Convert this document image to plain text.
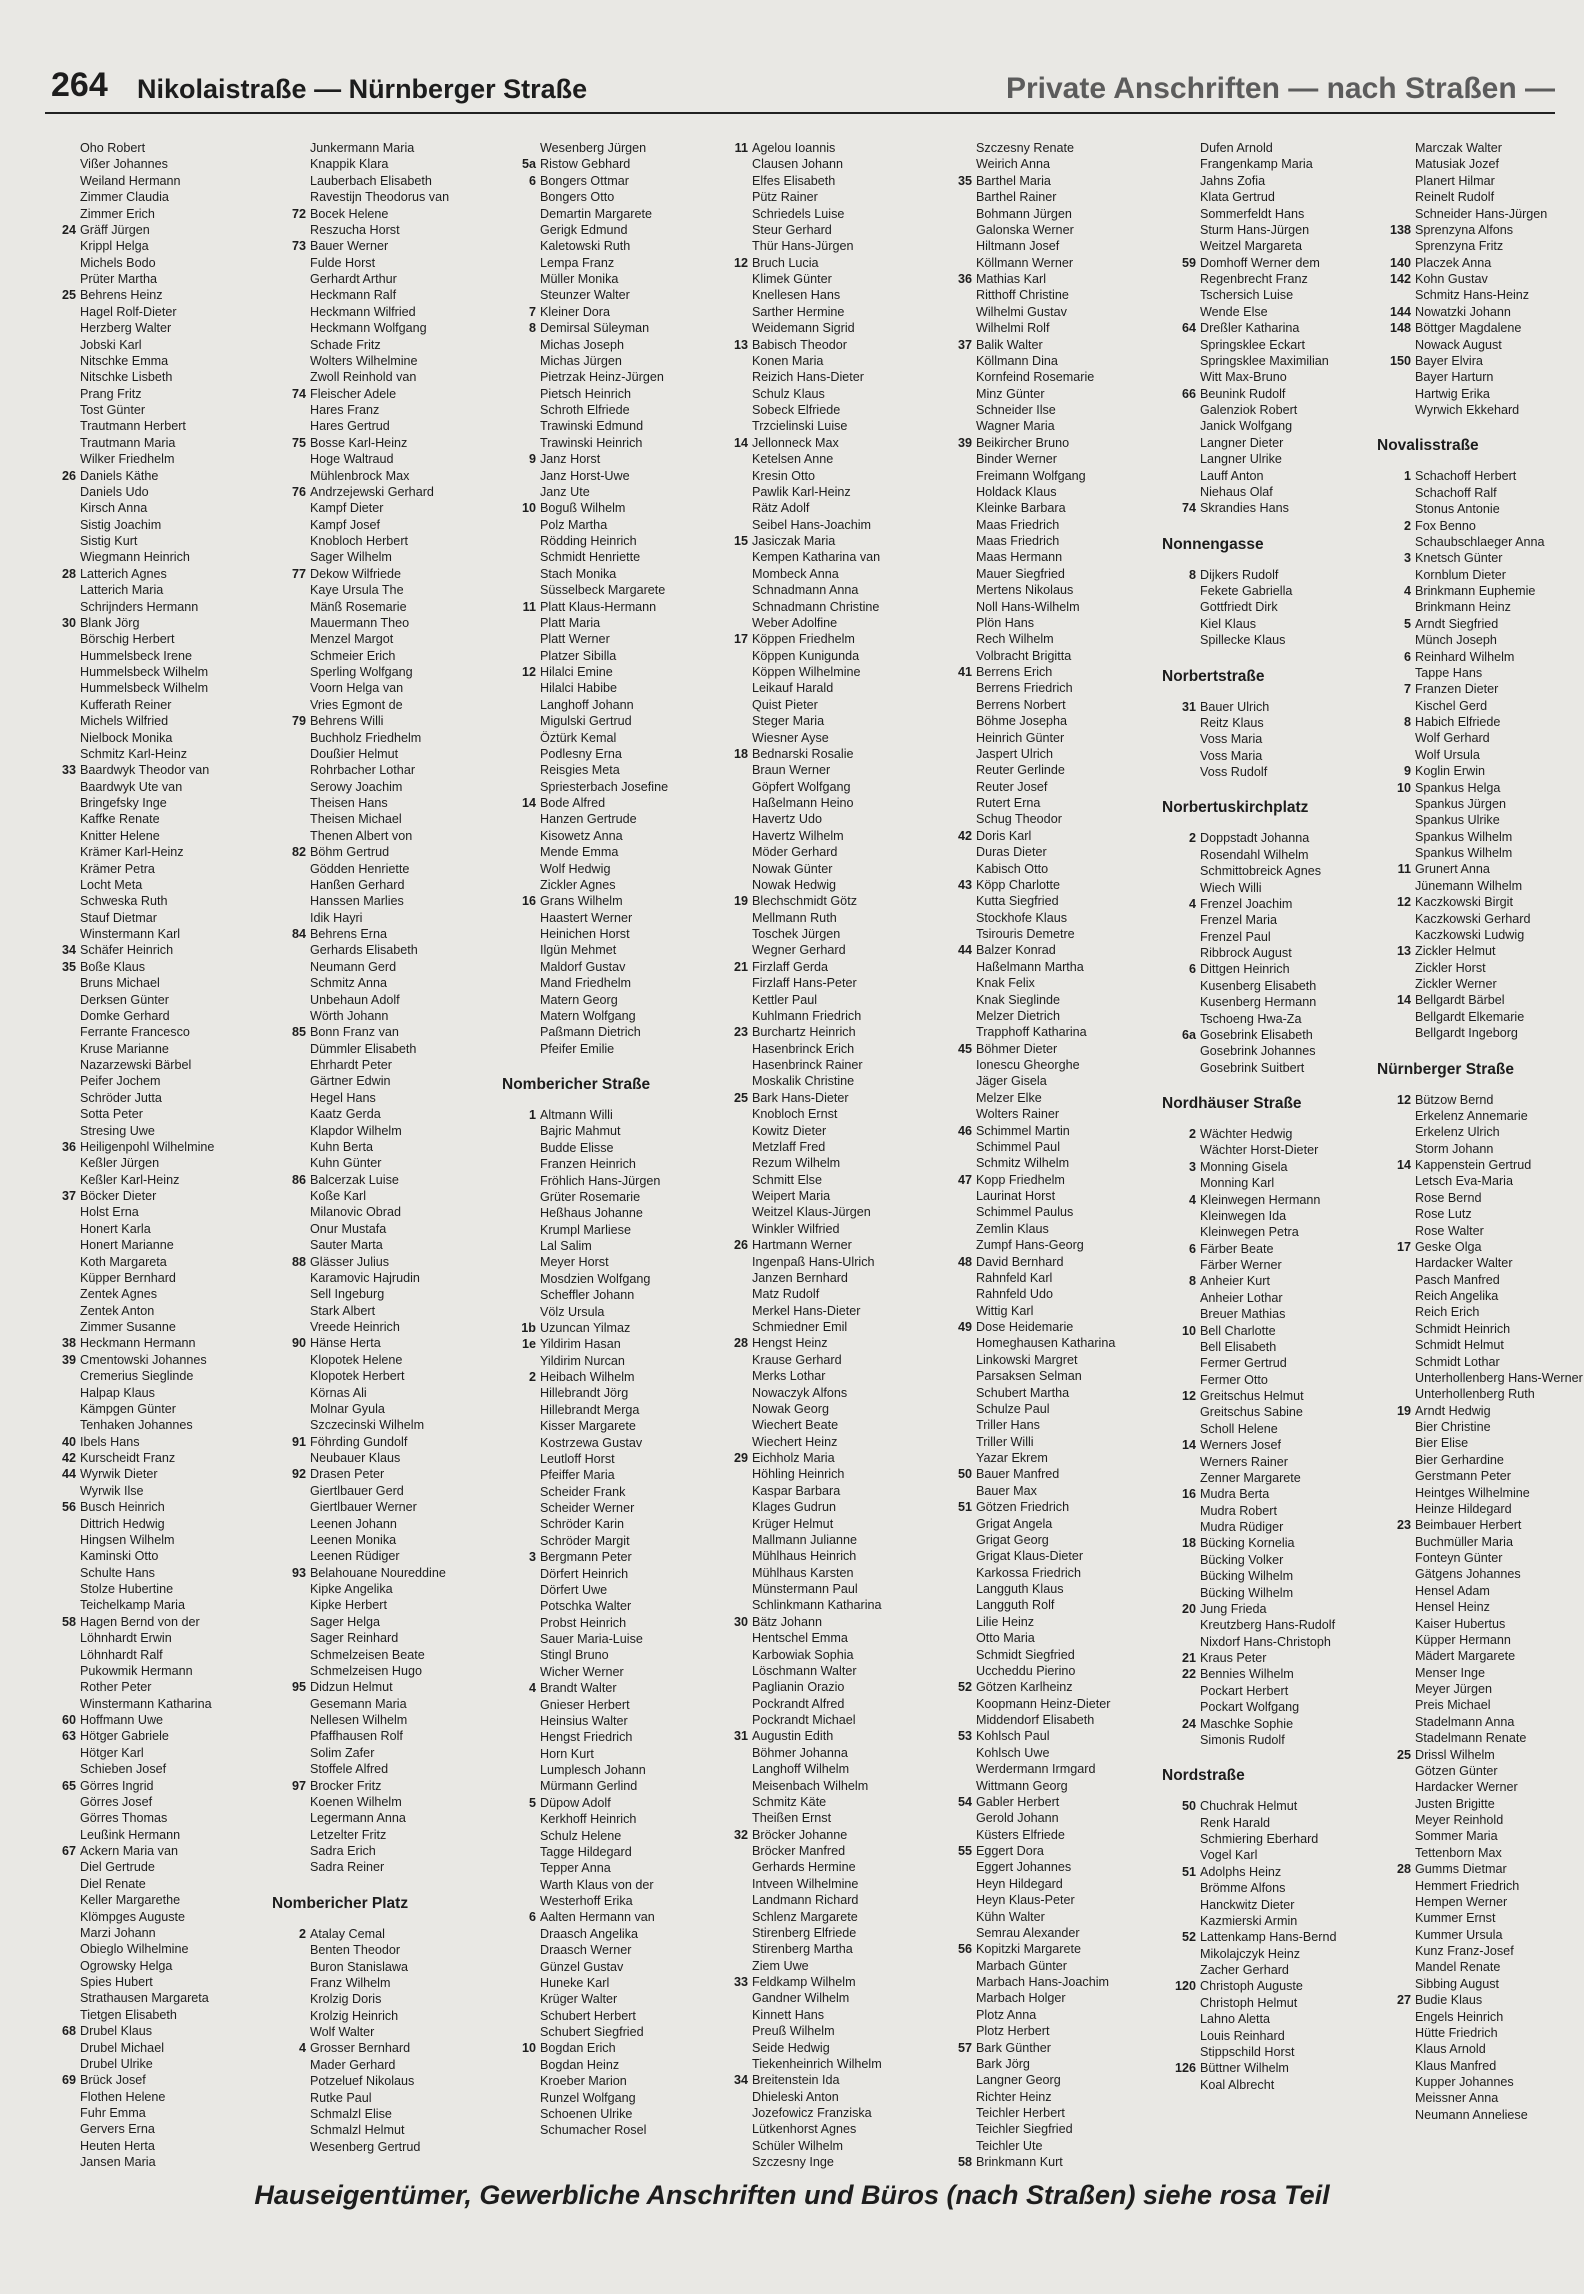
264 Nikolaistraße — Nürnberger Straße	Private Anschriften — nach Straßen —
Oho Robert
Vißer Johannes
Weiland Hermann
Zimmer Claudia
Zimmer Erich
24 Gräff Jürgen
Krippl Helga
Michels Bodo
Prüter Martha
25 Behrens Heinz
Hagel Rolf-Dieter
Herzberg Walter
Jobski Karl
Nitschke Emma
Nitschke Lisbeth
Prang Fritz
Tost Günter
Trautmann Herbert
Trautmann Maria
Wilker Friedhelm
26 Daniels Käthe
Daniels Udo
Kirsch Anna
Sistig Joachim
Sistig Kurt
Wiegmann Heinrich
28 Latterich Agnes
Latterich Maria
Schrijnders Hermann
30 Blank Jörg
Börschig Herbert
Hummelsbeck Irene
Hummelsbeck Wilhelm
Hummelsbeck Wilhelm
Kufferath Reiner
Michels Wilfried
Nielbock Monika
Schmitz Karl-Heinz
33 Baardwyk Theodor van
Baardwyk Ute van
Bringefsky Inge
Kaffke Renate
Knitter Helene
Krämer Karl-Heinz
Krämer Petra
Locht Meta
Schweska Ruth
Stauf Dietmar
Winstermann Karl
34 Schäfer Heinrich
35 Boße Klaus
Bruns Michael
Derksen Günter
Domke Gerhard
Ferrante Francesco
Kruse Marianne
Nazarzewski Bärbel
Peifer Jochem
Schröder Jutta
Sotta Peter
Stresing Uwe
36 Heiligenpohl Wilhelmine
Keßler Jürgen
Keßler Karl-Heinz
37 Böcker Dieter
Holst Erna
Honert Karla
Honert Marianne
Koth Margareta
Küpper Bernhard
Zentek Agnes
Zentek Anton
Zimmer Susanne
38 Heckmann Hermann
39 Cmentowski Johannes
Cremerius Sieglinde
Halpap Klaus
Kämpgen Günter
Tenhaken Johannes
40 Ibels Hans
42 Kurscheidt Franz
44 Wyrwik Dieter
Wyrwik Ilse
56 Busch Heinrich
Dittrich Hedwig
Hingsen Wilhelm
Kaminski Otto
Schulte Hans
Stolze Hubertine
Teichelkamp Maria
58 Hagen Bernd von der
Löhnhardt Erwin
Löhnhardt Ralf
Pukowmik Hermann
Rother Peter
Winstermann Katharina
60 Hoffmann Uwe
63 Hötger Gabriele
Hötger Karl
Schieben Josef
65 Görres Ingrid
Görres Josef
Görres Thomas
Leußink Hermann
67 Ackern Maria van
Diel Gertrude
Diel Renate
Keller Margarethe
Klömpges Auguste
Marzi Johann
Obieglo Wilhelmine
Ogrowsky Helga
Spies Hubert
Strathausen Margareta
Tietgen Elisabeth
68 Drubel Klaus
Drubel Michael
Drubel Ulrike
69 Brück Josef
Flothen Helene
Fuhr Emma
Gervers Erna
Heuten Herta
Jansen Maria
Junkermann Maria
Knappik Klara
Lauberbach Elisabeth
Ravestijn Theodorus van
72 Bocek Helene
Reszucha Horst
73 Bauer Werner
Fulde Horst
Gerhardt Arthur
Heckmann Ralf
Heckmann Wilfried
Heckmann Wolfgang
Schade Fritz
Wolters Wilhelmine
Zwoll Reinhold van
74 Fleischer Adele
Hares Franz
Hares Gertrud
75 Bosse Karl-Heinz
Hoge Waltraud
Mühlenbrock Max
76 Andrzejewski Gerhard
Kampf Dieter
Kampf Josef
Knobloch Herbert
Sager Wilhelm
77 Dekow Wilfriede
Kaye Ursula The
Mänß Rosemarie
Mauermann Theo
Menzel Margot
Schmeier Erich
Sperling Wolfgang
Voorn Helga van
Vries Egmont de
79 Behrens Willi
Buchholz Friedhelm
Doußier Helmut
Rohrbacher Lothar
Serowy Joachim
Theisen Hans
Theisen Michael
Thenen Albert von
82 Böhm Gertrud
Gödden Henriette
Hanßen Gerhard
Hanssen Marlies
Idik Hayri
84 Behrens Erna
Gerhards Elisabeth
Neumann Gerd
Schmitz Anna
Unbehaun Adolf
Wörth Johann
85 Bonn Franz van
Dümmler Elisabeth
Ehrhardt Peter
Gärtner Edwin
Hegel Hans
Kaatz Gerda
Klapdor Wilhelm
Kuhn Berta
Kuhn Günter
86 Balcerzak Luise
Koße Karl
Milanovic Obrad
Onur Mustafa
Sauter Marta
88 Glässer Julius
Karamovic Hajrudin
Sell Ingeburg
Stark Albert
Vreede Heinrich
90 Hänse Herta
Klopotek Helene
Klopotek Herbert
Körnas Ali
Molnar Gyula
Szczecinski Wilhelm
91 Föhrding Gundolf
Neubauer Klaus
92 Drasen Peter
Giertlbauer Gerd
Giertlbauer Werner
Leenen Johann
Leenen Monika
Leenen Rüdiger
93 Belahouane Noureddine
Kipke Angelika
Kipke Herbert
Sager Helga
Sager Reinhard
Schmelzeisen Beate
Schmelzeisen Hugo
95 Didzun Helmut
Gesemann Maria
Nellesen Wilhelm
Pfaffhausen Rolf
Solim Zafer
Stoffele Alfred
97 Brocker Fritz
Koenen Wilhelm
Legermann Anna
Letzelter Fritz
Sadra Erich
Sadra Reiner
Nombericher Platz
2 Atalay Cemal
Benten Theodor
Buron Stanislawa
Franz Wilhelm
Krolzig Doris
Krolzig Heinrich
Wolf Walter
4 Grosser Bernhard
Mader Gerhard
Potzeluef Nikolaus
Rutke Paul
Schmalzl Elise
Schmalzl Helmut
Wesenberg Gertrud
Wesenberg Jürgen
5a Ristow Gebhard
6 Bongers Ottmar
Bongers Otto
Demartin Margarete
Gerigk Edmund
Kaletowski Ruth
Lempa Franz
Müller Monika
Steunzer Walter
7 Kleiner Dora
8 Demirsal Süleyman
Michas Joseph
Michas Jürgen
Pietrzak Heinz-Jürgen
Pietsch Heinrich
Schroth Elfriede
Trawinski Edmund
Trawinski Heinrich
9 Janz Horst
Janz Horst-Uwe
Janz Ute
10 Boguß Wilhelm
Polz Martha
Rödding Heinrich
Schmidt Henriette
Stach Monika
Süsselbeck Margarete
11 Platt Klaus-Hermann
Platt Maria
Platt Werner
Platzer Sibilla
12 Hilalci Emine
Hilalci Habibe
Langhoff Johann
Migulski Gertrud
Öztürk Kemal
Podlesny Erna
Reisgies Meta
Spriesterbach Josefine
14 Bode Alfred
Hanzen Gertrude
Kisowetz Anna
Mende Emma
Wolf Hedwig
Zickler Agnes
16 Grans Wilhelm
Haastert Werner
Heinichen Horst
Ilgün Mehmet
Maldorf Gustav
Mand Friedhelm
Matern Georg
Matern Wolfgang
Paßmann Dietrich
Pfeifer Emilie
Nombericher Straße
1 Altmann Willi
Bajric Mahmut
Budde Elisse
Franzen Heinrich
Fröhlich Hans-Jürgen
Grüter Rosemarie
Heßhaus Johanne
Krumpl Marliese
Lal Salim
Meyer Horst
Mosdzien Wolfgang
Scheffler Johann
Völz Ursula
1b Uzuncan Yilmaz
1e Yildirim Hasan
Yildirim Nurcan
2 Heibach Wilhelm
Hillebrandt Jörg
Hillebrandt Merga
Kisser Margarete
Kostrzewa Gustav
Leutloff Horst
Pfeiffer Maria
Scheider Frank
Scheider Werner
Schröder Karin
Schröder Margit
3 Bergmann Peter
Dörfert Heinrich
Dörfert Uwe
Potschka Walter
Probst Heinrich
Sauer Maria-Luise
Stingl Bruno
Wicher Werner
4 Brandt Walter
Gnieser Herbert
Heinsius Walter
Hengst Friedrich
Horn Kurt
Lumplesch Johann
Mürmann Gerlind
5 Düpow Adolf
Kerkhoff Heinrich
Schulz Helene
Tagge Hildegard
Tepper Anna
Warth Klaus von der
Westerhoff Erika
6 Aalten Hermann van
Draasch Angelika
Draasch Werner
Günzel Gustav
Huneke Karl
Krüger Walter
Schubert Herbert
Schubert Siegfried
10 Bogdan Erich
Bogdan Heinz
Kroeber Marion
Runzel Wolfgang
Schoenen Ulrike
Schumacher Rosel
11 Agelou Ioannis
Clausen Johann
Elfes Elisabeth
Pütz Rainer
Schriedels Luise
Steur Gerhard
Thür Hans-Jürgen
12 Bruch Lucia
Klimek Günter
Knellesen Hans
Sarther Hermine
Weidemann Sigrid
13 Babisch Theodor
Konen Maria
Reizich Hans-Dieter
Schulz Klaus
Sobeck Elfriede
Trzcielinski Luise
14 Jellonneck Max
Ketelsen Anne
Kresin Otto
Pawlik Karl-Heinz
Rätz Adolf
Seibel Hans-Joachim
15 Jasiczak Maria
Kempen Katharina van
Mombeck Anna
Schnadmann Anna
Schnadmann Christine
Weber Adolfine
17 Köppen Friedhelm
Köppen Kunigunda
Köppen Wilhelmine
Leikauf Harald
Quist Pieter
Steger Maria
Wiesner Ayse
18 Bednarski Rosalie
Braun Werner
Göpfert Wolfgang
Haßelmann Heino
Havertz Udo
Havertz Wilhelm
Möder Gerhard
Nowak Günter
Nowak Hedwig
19 Blechschmidt Götz
Mellmann Ruth
Toschek Jürgen
Wegner Gerhard
21 Firzlaff Gerda
Firzlaff Hans-Peter
Kettler Paul
Kuhlmann Friedrich
23 Burchartz Heinrich
Hasenbrinck Erich
Hasenbrinck Rainer
Moskalik Christine
25 Bark Hans-Dieter
Knobloch Ernst
Kowitz Dieter
Metzlaff Fred
Rezum Wilhelm
Schmitt Else
Weipert Maria
Weitzel Klaus-Jürgen
Winkler Wilfried
26 Hartmann Werner
Ingenpaß Hans-Ulrich
Janzen Bernhard
Matz Rudolf
Merkel Hans-Dieter
Schmiedner Emil
28 Hengst Heinz
Krause Gerhard
Merks Lothar
Nowaczyk Alfons
Nowak Georg
Wiechert Beate
Wiechert Heinz
29 Eichholz Maria
Höhling Heinrich
Kaspar Barbara
Klages Gudrun
Krüger Helmut
Mallmann Julianne
Mühlhaus Heinrich
Mühlhaus Karsten
Münstermann Paul
Schlinkmann Katharina
30 Bätz Johann
Hentschel Emma
Karbowiak Sophia
Löschmann Walter
Paglianin Orazio
Pockrandt Alfred
Pockrandt Michael
31 Augustin Edith
Böhmer Johanna
Langhoff Wilhelm
Meisenbach Wilhelm
Schmitz Käte
Theißen Ernst
32 Bröcker Johanne
Bröcker Manfred
Gerhards Hermine
Intveen Wilhelmine
Landmann Richard
Schlenz Margarete
Stirenberg Elfriede
Stirenberg Martha
Ziem Uwe
33 Feldkamp Wilhelm
Gandner Wilhelm
Kinnett Hans
Preuß Wilhelm
Seide Hedwig
Tiekenheinrich Wilhelm
34 Breitenstein Ida
Dhieleski Anton
Jozefowicz Franziska
Lütkenhorst Agnes
Schüler Wilhelm
Szczesny Inge
Szczesny Renate
Weirich Anna
35 Barthel Maria
Barthel Rainer
Bohmann Jürgen
Galonska Werner
Hiltmann Josef
Köllmann Werner
36 Mathias Karl
Ritthoff Christine
Wilhelmi Gustav
Wilhelmi Rolf
37 Balik Walter
Köllmann Dina
Kornfeind Rosemarie
Minz Günter
Schneider Ilse
Wagner Maria
39 Beikircher Bruno
Binder Werner
Freimann Wolfgang
Holdack Klaus
Kleinke Barbara
Maas Friedrich
Maas Friedrich
Maas Hermann
Mauer Siegfried
Mertens Nikolaus
Noll Hans-Wilhelm
Plön Hans
Rech Wilhelm
Volbracht Brigitta
41 Berrens Erich
Berrens Friedrich
Berrens Norbert
Böhme Josepha
Heinrich Günter
Jaspert Ulrich
Reuter Gerlinde
Reuter Josef
Rutert Erna
Schug Theodor
42 Doris Karl
Duras Dieter
Kabisch Otto
43 Köpp Charlotte
Kutta Siegfried
Stockhofe Klaus
Tsirouris Demetre
44 Balzer Konrad
Haßelmann Martha
Knak Felix
Knak Sieglinde
Melzer Dietrich
Trapphoff Katharina
45 Böhmer Dieter
Ionescu Gheorghe
Jäger Gisela
Melzer Elke
Wolters Rainer
46 Schimmel Martin
Schimmel Paul
Schmitz Wilhelm
47 Kopp Friedhelm
Laurinat Horst
Schimmel Paulus
Zemlin Klaus
Zumpf Hans-Georg
48 David Bernhard
Rahnfeld Karl
Rahnfeld Udo
Wittig Karl
49 Dose Heidemarie
Homeghausen Katharina
Linkowski Margret
Parsaksen Selman
Schubert Martha
Schulze Paul
Triller Hans
Triller Willi
Yazar Ekrem
50 Bauer Manfred
Bauer Max
51 Götzen Friedrich
Grigat Angela
Grigat Georg
Grigat Klaus-Dieter
Karkossa Friedrich
Langguth Klaus
Langguth Rolf
Lilie Heinz
Otto Maria
Schmidt Siegfried
Uccheddu Pierino
52 Götzen Karlheinz
Koopmann Heinz-Dieter
Middendorf Elisabeth
53 Kohlsch Paul
Kohlsch Uwe
Werdermann Irmgard
Wittmann Georg
54 Gabler Herbert
Gerold Johann
Küsters Elfriede
55 Eggert Dora
Eggert Johannes
Heyn Hildegard
Heyn Klaus-Peter
Kühn Walter
Semrau Alexander
56 Kopitzki Margarete
Marbach Günter
Marbach Hans-Joachim
Marbach Holger
Plotz Anna
Plotz Herbert
57 Bark Günther
Bark Jörg
Langner Georg
Richter Heinz
Teichler Herbert
Teichler Siegfried
Teichler Ute
58 Brinkmann Kurt
Dufen Arnold
Frangenkamp Maria
Jahns Zofia
Klata Gertrud
Sommerfeldt Hans
Sturm Hans-Jürgen
Weitzel Margareta
59 Domhoff Werner dem
Regenbrecht Franz
Tschersich Luise
Wende Else
64 Dreßler Katharina
Springsklee Eckart
Springsklee Maximilian
Witt Max-Bruno
66 Beunink Rudolf
Galenziok Robert
Janick Wolfgang
Langner Dieter
Langner Ulrike
Lauff Anton
Niehaus Olaf
74 Skrandies Hans
Nonnengasse
8 Dijkers Rudolf
Fekete Gabriella
Gottfriedt Dirk
Kiel Klaus
Spillecke Klaus
Norbertstraße
31 Bauer Ulrich
Reitz Klaus
Voss Maria
Voss Maria
Voss Rudolf
Norbertuskirchplatz
2 Doppstadt Johanna
Rosendahl Wilhelm
Schmittobreick Agnes
Wiech Willi
4 Frenzel Joachim
Frenzel Maria
Frenzel Paul
Ribbrock August
6 Dittgen Heinrich
Kusenberg Elisabeth
Kusenberg Hermann
Tschoeng Hwa-Za
6a Gosebrink Elisabeth
Gosebrink Johannes
Gosebrink Suitbert
Nordhäuser Straße
2 Wächter Hedwig
Wächter Horst-Dieter
3 Monning Gisela
Monning Karl
4 Kleinwegen Hermann
Kleinwegen Ida
Kleinwegen Petra
6 Färber Beate
Färber Werner
8 Anheier Kurt
Anheier Lothar
Breuer Mathias
10 Bell Charlotte
Bell Elisabeth
Fermer Gertrud
Fermer Otto
12 Greitschus Helmut
Greitschus Sabine
Scholl Helene
14 Werners Josef
Werners Rainer
Zenner Margarete
16 Mudra Berta
Mudra Robert
Mudra Rüdiger
18 Bücking Kornelia
Bücking Volker
Bücking Wilhelm
Bücking Wilhelm
20 Jung Frieda
Kreutzberg Hans-Rudolf
Nixdorf Hans-Christoph
21 Kraus Peter
22 Bennies Wilhelm
Pockart Herbert
Pockart Wolfgang
24 Maschke Sophie
Simonis Rudolf
Nordstraße
50 Chuchrak Helmut
Renk Harald
Schmiering Eberhard
Vogel Karl
51 Adolphs Heinz
Brömme Alfons
Hanckwitz Dieter
Kazmierski Armin
52 Lattenkamp Hans-Bernd
Mikolajczyk Heinz
Zacher Gerhard
120 Christoph Auguste
Christoph Helmut
Lahno Aletta
Louis Reinhard
Stippschild Horst
126 Büttner Wilhelm
Koal Albrecht
Marczak Walter
Matusiak Jozef
Planert Hilmar
Reinelt Rudolf
Schneider Hans-Jürgen
138 Sprenzyna Alfons
Sprenzyna Fritz
140 Placzek Anna
142 Kohn Gustav
Schmitz Hans-Heinz
144 Nowatzki Johann
148 Böttger Magdalene
Nowack August
150 Bayer Elvira
Bayer Harturn
Hartwig Erika
Wyrwich Ekkehard
Novalisstraße
1 Schachoff Herbert
Schachoff Ralf
Stonus Antonie
2 Fox Benno
Schaubschlaeger Anna
3 Knetsch Günter
Kornblum Dieter
4 Brinkmann Euphemie
Brinkmann Heinz
5 Arndt Siegfried
Münch Joseph
6 Reinhard Wilhelm
Tappe Hans
7 Franzen Dieter
Kischel Gerd
8 Habich Elfriede
Wolf Gerhard
Wolf Ursula
9 Koglin Erwin
10 Spankus Helga
Spankus Jürgen
Spankus Ulrike
Spankus Wilhelm
Spankus Wilhelm
11 Grunert Anna
Jünemann Wilhelm
12 Kaczkowski Birgit
Kaczkowski Gerhard
Kaczkowski Ludwig
13 Zickler Helmut
Zickler Horst
Zickler Werner
14 Bellgardt Bärbel
Bellgardt Elkemarie
Bellgardt Ingeborg
Nürnberger Straße
12 Bützow Bernd
Erkelenz Annemarie
Erkelenz Ulrich
Storm Johann
14 Kappenstein Gertrud
Letsch Eva-Maria
Rose Bernd
Rose Lutz
Rose Walter
17 Geske Olga
Hardacker Walter
Pasch Manfred
Reich Angelika
Reich Erich
Schmidt Heinrich
Schmidt Helmut
Schmidt Lothar
Unterhollenberg Hans-Werner
Unterhollenberg Ruth
19 Arndt Hedwig
Bier Christine
Bier Elise
Bier Gerhardine
Gerstmann Peter
Heintges Wilhelmine
Heinze Hildegard
23 Beimbauer Herbert
Buchmüller Maria
Fonteyn Günter
Gätgens Johannes
Hensel Adam
Hensel Heinz
Kaiser Hubertus
Küpper Hermann
Mädert Margarete
Menser Inge
Meyer Jürgen
Preis Michael
Stadelmann Anna
Stadelmann Renate
25 Drissl Wilhelm
Götzen Günter
Hardacker Werner
Justen Brigitte
Meyer Reinhold
Sommer Maria
Tettenborn Max
28 Gumms Dietmar
Hemmert Friedrich
Hempen Werner
Kummer Ernst
Kummer Ursula
Kunz Franz-Josef
Mandel Renate
Sibbing August
27 Budie Klaus
Engels Heinrich
Hütte Friedrich
Klaus Arnold
Klaus Manfred
Kupper Johannes
Meissner Anna
Neumann Anneliese
Hauseigentümer, Gewerbliche Anschriften und Büros (nach Straßen) siehe rosa Teil
